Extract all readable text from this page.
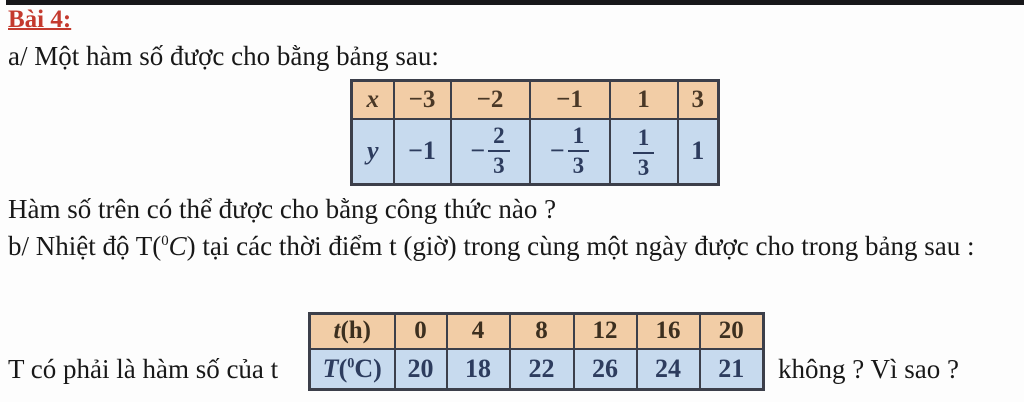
Bài 4:
a/ Một hàm số được cho bằng bảng sau:
x	−3	−2	−1	1	3
y	−1	− $\frac{2}{3}$	− $\frac{1}{3}$	$\frac{1}{3}$	1
Hàm số trên có thể được cho bằng công thức nào ?
b/ Nhiệt độ T($^0$C) tại các thời điểm t (giờ) trong cùng một ngày được cho trong bảng sau :
t(h)	0	4	8	12	16	20
T($^0$C)	20	18	22	26	24	21
T có phải là hàm số của t	không ? Vì sao ?
